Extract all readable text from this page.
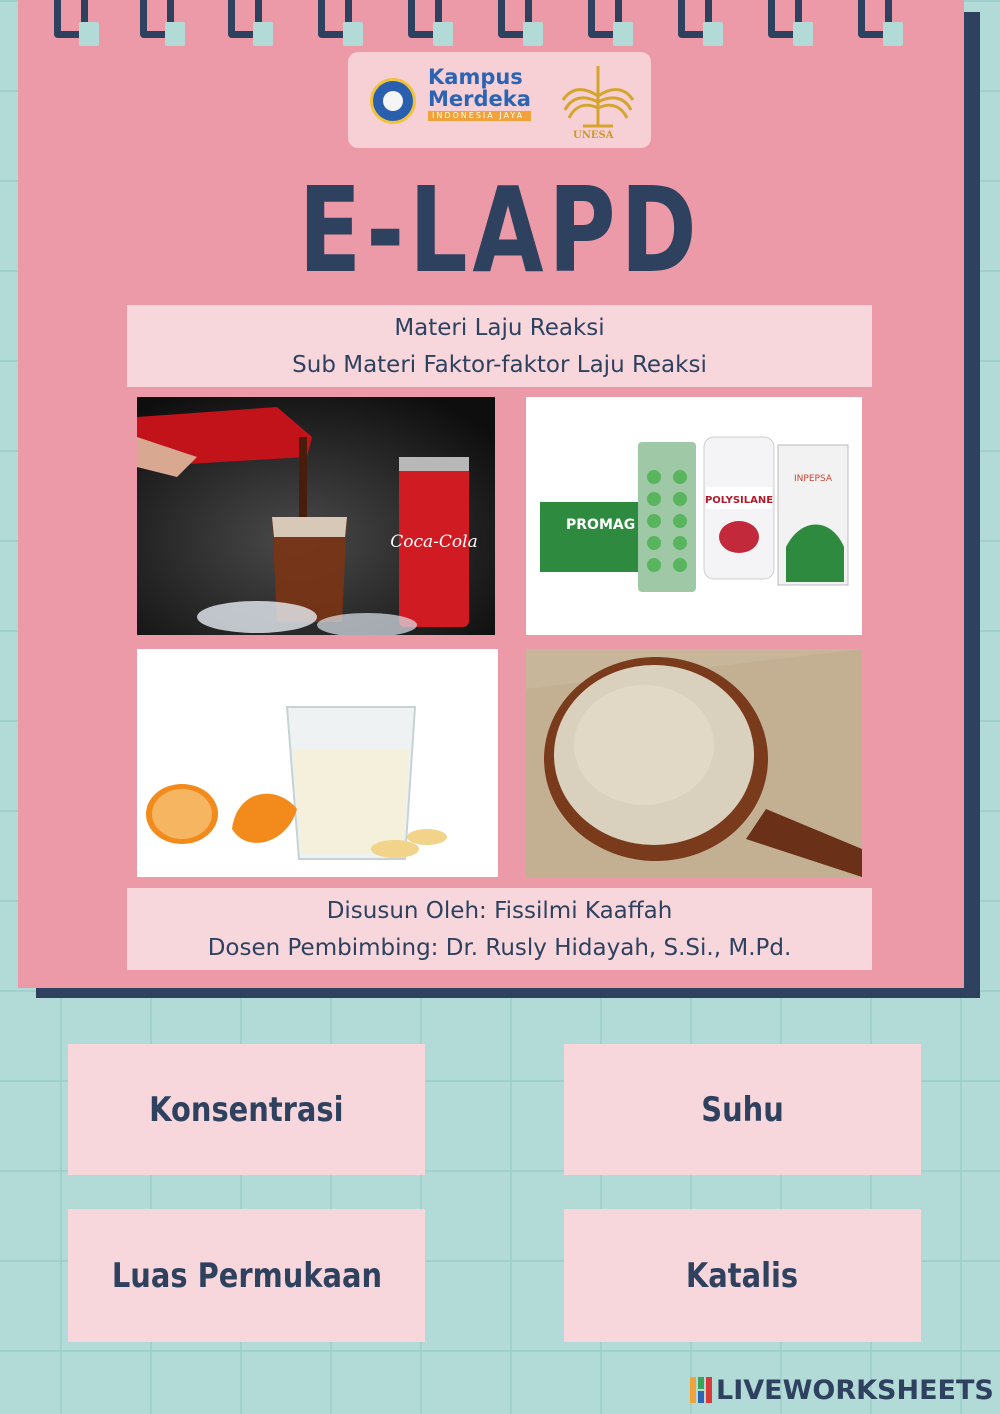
Kampus
Merdeka
INDONESIA JAYA
UNESA
E-LAPD
Materi Laju Reaksi
Sub Materi Faktor-faktor Laju Reaksi
Coca-Cola
PROMAG
POLYSILANE
INPEPSA
Disusun Oleh: Fissilmi Kaaffah
Dosen Pembimbing: Dr. Rusly Hidayah, S.Si., M.Pd.
Konsentrasi	Suhu
Luas Permukaan	Katalis
LIVEWORKSHEETS
